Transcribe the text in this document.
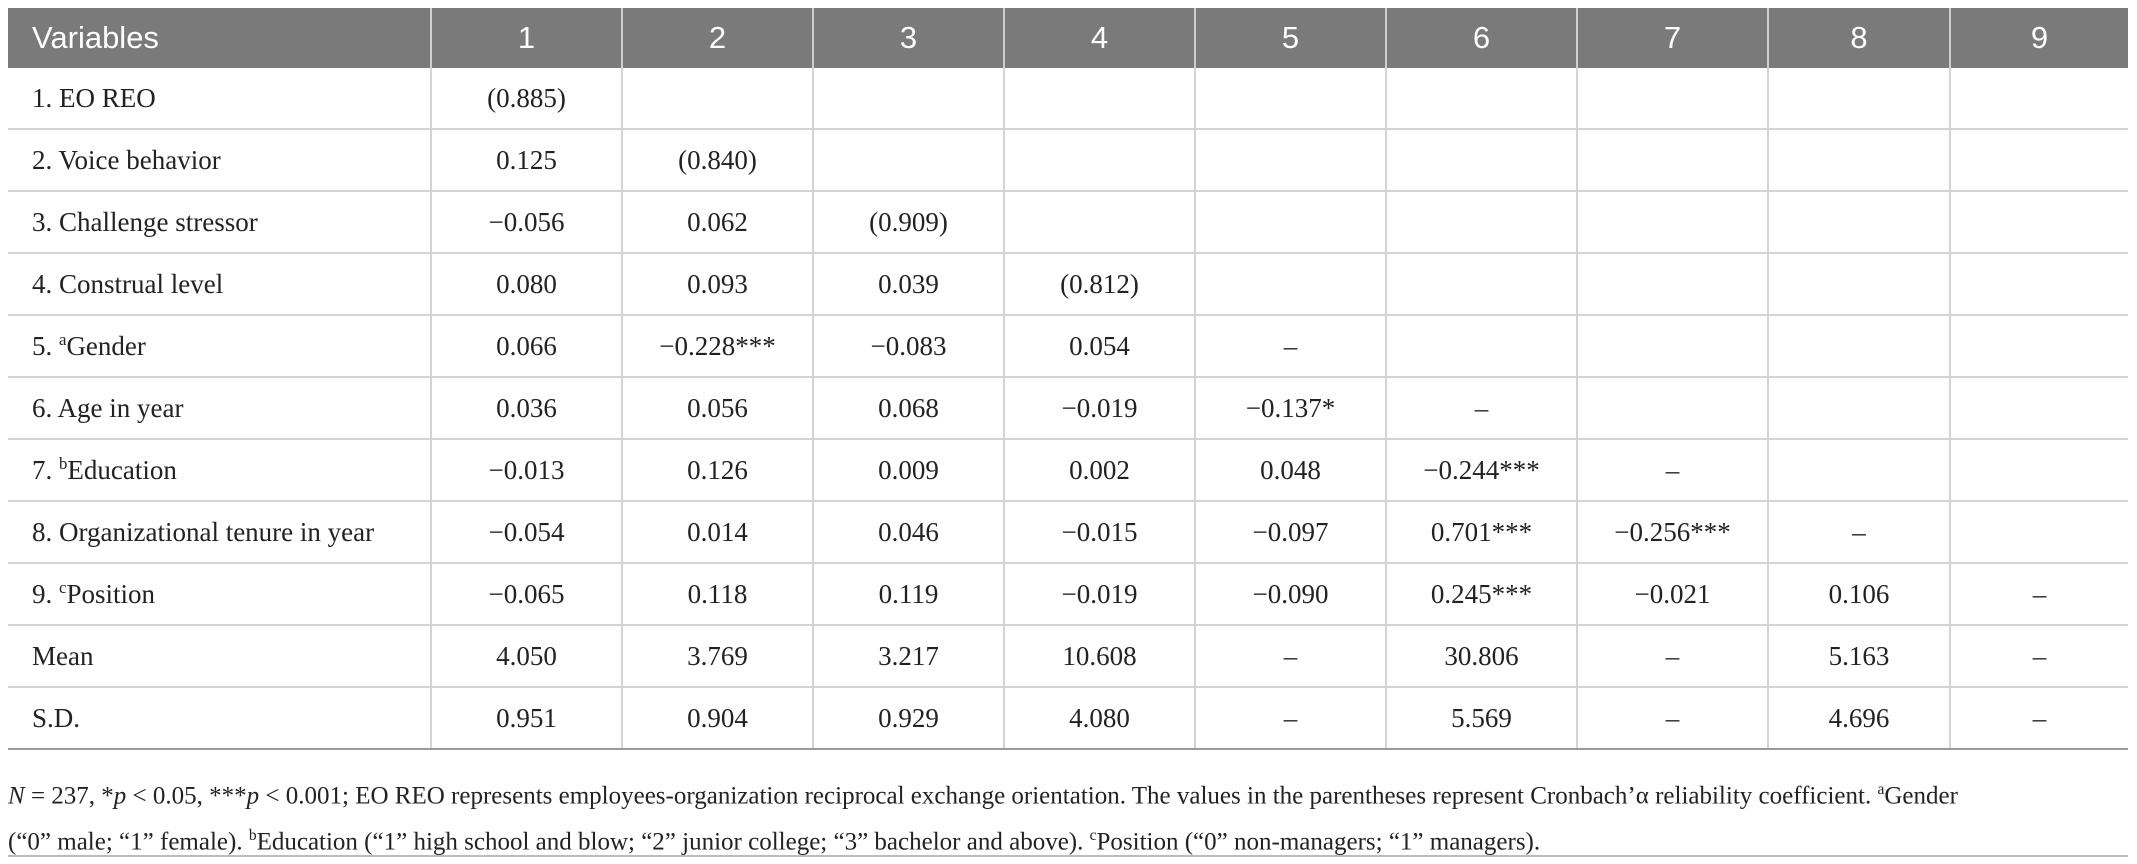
Variables	1	2	3	4	5	6	7	8	9
1. EO REO	(0.885)								
2. Voice behavior	0.125	(0.840)							
3. Challenge stressor	−0.056	0.062	(0.909)						
4. Construal level	0.080	0.093	0.039	(0.812)					
5. $^a$Gender	0.066	−0.228***	−0.083	0.054	–				
6. Age in year	0.036	0.056	0.068	−0.019	−0.137*	–			
7. $^b$Education	−0.013	0.126	0.009	0.002	0.048	−0.244***	–		
8. Organizational tenure in year	−0.054	0.014	0.046	−0.015	−0.097	0.701***	−0.256***	–	
9. $^c$Position	−0.065	0.118	0.119	−0.019	−0.090	0.245***	−0.021	0.106	–
Mean	4.050	3.769	3.217	10.608	–	30.806	–	5.163	–
S.D.	0.951	0.904	0.929	4.080	–	5.569	–	4.696	–
N = 237, *p < 0.05, ***p < 0.001; EO REO represents employees-organization reciprocal exchange orientation. The values in the parentheses represent Cronbach’α reliability coefficient. $^a$Gender
(“0” male; “1” female). $^b$Education (“1” high school and blow; “2” junior college; “3” bachelor and above). $^c$Position (“0” non-managers; “1” managers).
